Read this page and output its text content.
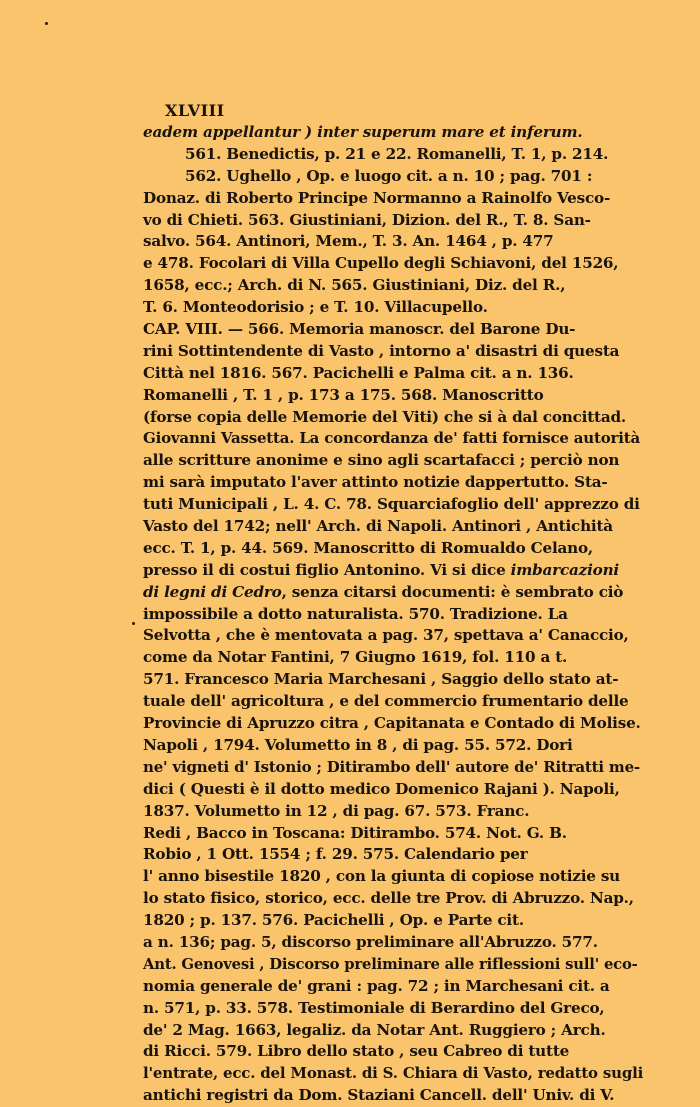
XLVIII
eadem appellantur ) inter superum mare et inferum.
561. Benedictis, p. 21 e 22. Romanelli, T. 1, p. 214.
562. Ughello , Op. e luogo cit. a n. 10 ; pag. 701 :
Donaz. di Roberto Principe Normanno a Rainolfo Vesco-
vo di Chieti. 563. Giustiniani, Dizion. del R., T. 8. San-
salvo. 564. Antinori, Mem., T. 3. An. 1464 , p. 477
e 478. Focolari di Villa Cupello degli Schiavoni, del 1526,
1658, ecc.; Arch. di N. 565. Giustiniani, Diz. del R.,
T. 6. Monteodorisio ; e T. 10. Villacupello.
CAP. VIII. — 566. Memoria manoscr. del Barone Du-
rini Sottintendente di Vasto , intorno a' disastri di questa
Città nel 1816. 567. Pacichelli e Palma cit. a n. 136.
Romanelli , T. 1 , p. 173 a 175. 568. Manoscritto
(forse copia delle Memorie del Viti) che si à dal concittad.
Giovanni Vassetta. La concordanza de' fatti fornisce autorità
alle scritture anonime e sino agli scartafacci ; perciò non
mi sarà imputato l'aver attinto notizie dappertutto. Sta-
tuti Municipali , L. 4. C. 78. Squarciafoglio dell' apprezzo di
Vasto del 1742; nell' Arch. di Napoli. Antinori , Antichità
ecc. T. 1, p. 44. 569. Manoscritto di Romualdo Celano,
presso il di costui figlio Antonino. Vi si dice imbarcazioni
di legni di Cedro, senza citarsi documenti: è sembrato ciò
impossibile a dotto naturalista. 570. Tradizione. La
Selvotta , che è mentovata a pag. 37, spettava a' Canaccio,
come da Notar Fantini, 7 Giugno 1619, fol. 110 a t.
571. Francesco Maria Marchesani , Saggio dello stato at-
tuale dell' agricoltura , e del commercio frumentario delle
Provincie di Apruzzo citra , Capitanata e Contado di Molise.
Napoli , 1794. Volumetto in 8 , di pag. 55. 572. Dori
ne' vigneti d' Istonio ; Ditirambo dell' autore de' Ritratti me-
dici ( Questi è il dotto medico Domenico Rajani ). Napoli,
1837. Volumetto in 12 , di pag. 67. 573. Franc.
Redi , Bacco in Toscana: Ditirambo. 574. Not. G. B.
Robio , 1 Ott. 1554 ; f. 29. 575. Calendario per
l' anno bisestile 1820 , con la giunta di copiose notizie su
lo stato fisico, storico, ecc. delle tre Prov. di Abruzzo. Nap.,
1820 ; p. 137. 576. Pacichelli , Op. e Parte cit.
a n. 136; pag. 5, discorso preliminare all'Abruzzo. 577.
Ant. Genovesi , Discorso preliminare alle riflessioni sull' eco-
nomia generale de' grani : pag. 72 ; in Marchesani cit. a
n. 571, p. 33. 578. Testimoniale di Berardino del Greco,
de' 2 Mag. 1663, legaliz. da Notar Ant. Ruggiero ; Arch.
di Ricci. 579. Libro dello stato , seu Cabreo di tutte
l'entrate, ecc. del Monast. di S. Chiara di Vasto, redatto sugli
antichi registri da Dom. Staziani Cancell. dell' Univ. di V.
